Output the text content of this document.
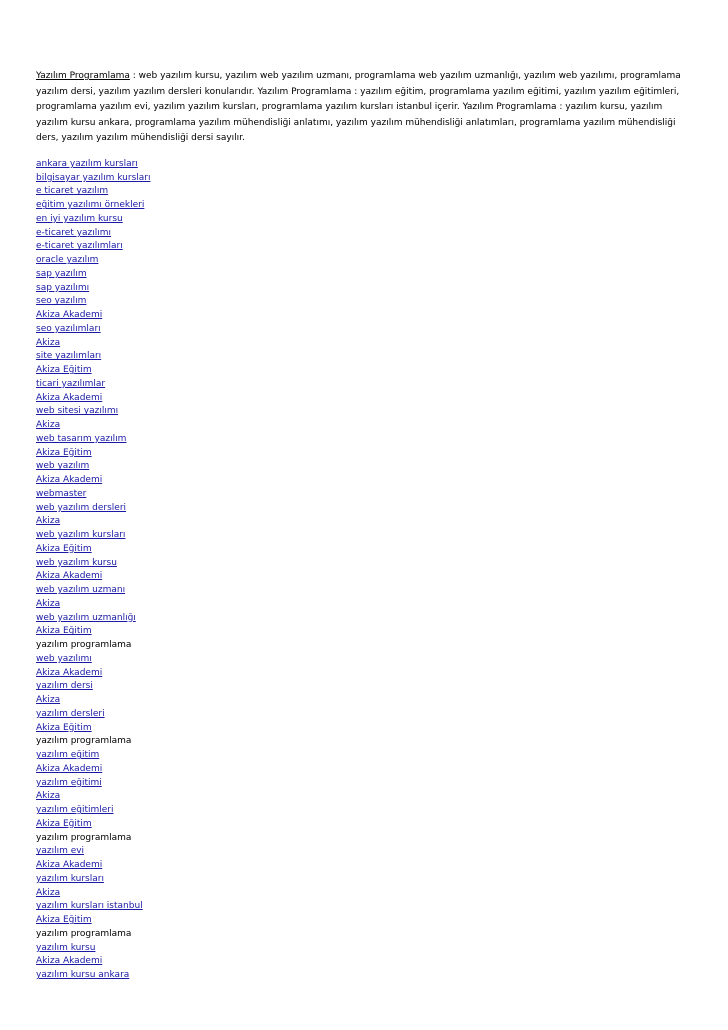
Yazılım Programlama : web yazılım kursu, yazılım web yazılım uzmanı, programlama web yazılım uzmanlığı, yazılım web yazılımı, programlama yazılım dersi, yazılım yazılım dersleri konularıdır. Yazılım Programlama : yazılım eğitim, programlama yazılım eğitimi, yazılım yazılım eğitimleri, programlama yazılım evi, yazılım yazılım kursları, programlama yazılım kursları istanbul içerir. Yazılım Programlama : yazılım kursu, yazılım yazılım kursu ankara, programlama yazılım mühendisliği anlatımı, yazılım yazılım mühendisliği anlatımları, programlama yazılım mühendisliği ders, yazılım yazılım mühendisliği dersi sayılır.

ankara yazılım kursları
bilgisayar yazılım kursları
e ticaret yazılım
eğitim yazılımı örnekleri
en iyi yazılım kursu
e-ticaret yazılımı
e-ticaret yazılımları
oracle yazılım
sap yazılım
sap yazılımı
seo yazılım
Akiza Akademi
seo yazılımları
Akiza
site yazılımları
Akiza Eğitim
ticari yazılımlar
Akiza Akademi
web sitesi yazılımı
Akiza
web tasarım yazılım
Akiza Eğitim
web yazılım
Akiza Akademi
webmaster
web yazılım dersleri
Akiza
web yazılım kursları
Akiza Eğitim
web yazılım kursu
Akiza Akademi
web yazılım uzmanı
Akiza
web yazılım uzmanlığı
Akiza Eğitim
yazılım programlama
web yazılımı
Akiza Akademi
yazılım dersi
Akiza
yazılım dersleri
Akiza Eğitim
yazılım programlama
yazılım eğitim
Akiza Akademi
yazılım eğitimi
Akiza
yazılım eğitimleri
Akiza Eğitim
yazılım programlama
yazılım evi
Akiza Akademi
yazılım kursları
Akiza
yazılım kursları istanbul
Akiza Eğitim
yazılım programlama
yazılım kursu
Akiza Akademi
yazılım kursu ankara
